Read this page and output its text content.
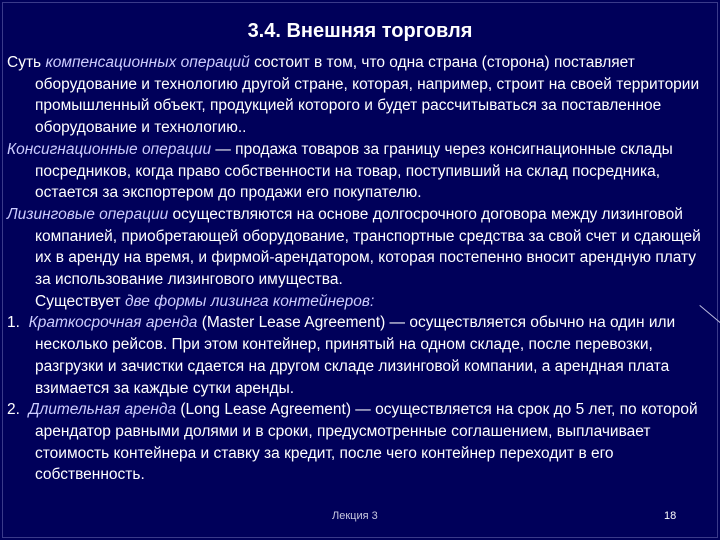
3.4. Внешняя торговля

Суть компенсационных операций состоит в том, что одна страна (сторона) поставляет оборудование и технологию другой стране, которая, например, строит на своей территории промышленный объект, продукцией которого и будет рассчитываться за поставленное оборудование и технологию..

Консигнационные операции — продажа товаров за границу через консигнационные склады посредников, когда право собственности на товар, поступивший на склад посредника, остается за экспортером до продажи его покупателю.

Лизинговые операции осуществляются на основе долгосрочного договора между лизинговой компанией, приобретающей оборудование, транспортные средства за свой счет и сдающей их в аренду на время, и фирмой-арендатором, которая постепенно вносит арендную плату за использование лизингового имущества.

Существует две формы лизинга контейнеров:

1. Краткосрочная аренда (Master Lease Agreement) — осуществляется обычно на один или несколько рейсов. При этом контейнер, принятый на одном складе, после перевозки, разгрузки и зачистки сдается на другом складе лизинговой компании, а арендная плата взимается за каждые сутки аренды.

2. Длительная аренда (Long Lease Agreement) — осуществляется на срок до 5 лет, по которой арендатор равными долями и в сроки, предусмотренные соглашением, выплачивает стоимость контейнера и ставку за кредит, после чего контейнер переходит в его собственность.

Лекция 3	18
